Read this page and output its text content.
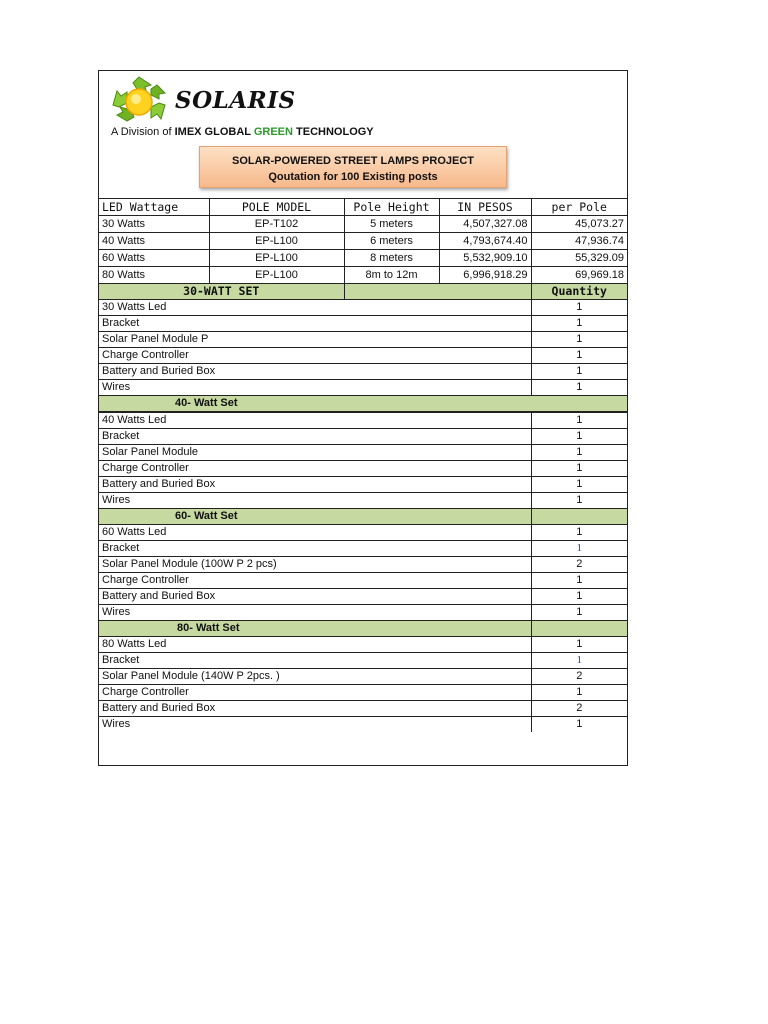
SOLARIS
A Division of IMEX GLOBAL GREEN TECHNOLOGY
SOLAR-POWERED STREET LAMPS PROJECT
Qoutation for 100 Existing posts
LED Wattage	POLE MODEL	Pole Height	IN PESOS	per Pole
30 Watts	EP-T102	5 meters	4,507,327.08	45,073.27
40 Watts	EP-L100	6 meters	4,793,674.40	47,936.74
60 Watts	EP-L100	8 meters	5,532,909.10	55,329.09
80 Watts	EP-L100	8m to 12m	6,996,918.29	69,969.18
30-WATT SET		Quantity
30 Watts Led		1
Bracket		1
Solar Panel Module P		1
Charge Controller		1
Battery and Buried Box		1
Wires		1
40- Watt Set		
40 Watts Led		1
Bracket		1
Solar Panel Module		1
Charge Controller		1
Battery and Buried Box		1
Wires		1
60- Watt Set		
60 Watts Led		1
Bracket		1
Solar Panel Module (100W P 2 pcs)		2
Charge Controller		1
Battery and Buried Box		1
Wires		1
80- Watt Set		
80 Watts Led		1
Bracket		1
Solar Panel Module (140W P 2pcs. )		2
Charge Controller		1
Battery and Buried Box		2
Wires		1
